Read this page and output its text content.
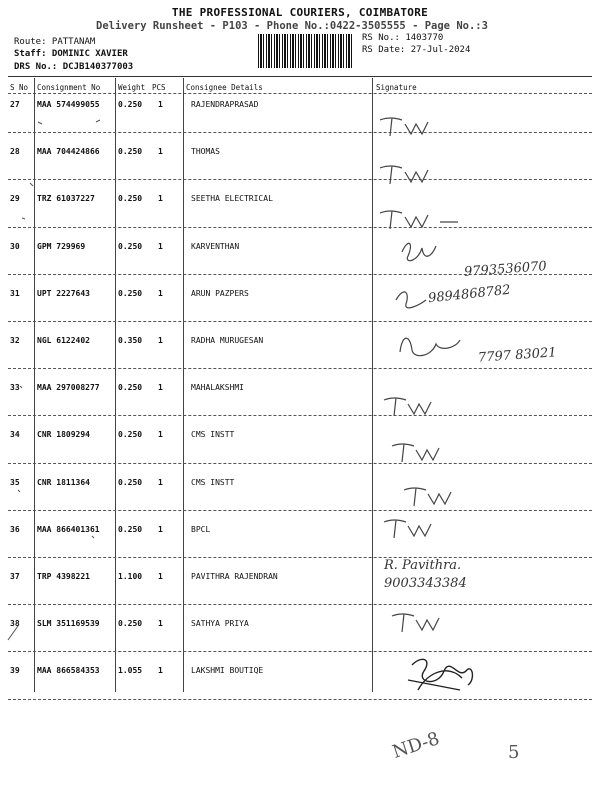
THE PROFESSIONAL COURIERS, COIMBATORE
Delivery Runsheet - P103 - Phone No.:0422-3505555 - Page No.:3
Route: PATTANAM
Staff: DOMINIC XAVIER
DRS No.: DCJB140377003
RS No.: 1403770
RS Date: 27-Jul-2024
S No Consignment No Weight PCS	Consignee Details	Signature
27 MAA 574499055 0.250 1	RAJENDRAPRASAD
28 MAA 704424866 0.250 1	THOMAS
29 TRZ 61037227	0.250 1	SEETHA ELECTRICAL
30 GPM 729969	0.250 1	KARVENTHAN
31 UPT 2227643	0.250 1	ARUN PAZPERS
32 NGL 6122402	0.350 1	RADHA MURUGESAN
33 MAA 297008277 0.250 1	MAHALAKSHMI
34 CNR 1809294	0.250 1	CMS INSTT
35 CNR 1811364	0.250 1	CMS INSTT
36 MAA 866401361 0.250 1	BPCL
37 TRP 4398221	1.100 1	PAVITHRA RAJENDRAN
38 SLM 351169539 0.250 1	SATHYA PRIYA
39 MAA 866584353 1.055 1	LAKSHMI BOUTIQE
9793536070
9894868782
7797 83021
R. Pavithra. 9003343384
ND-8	5
